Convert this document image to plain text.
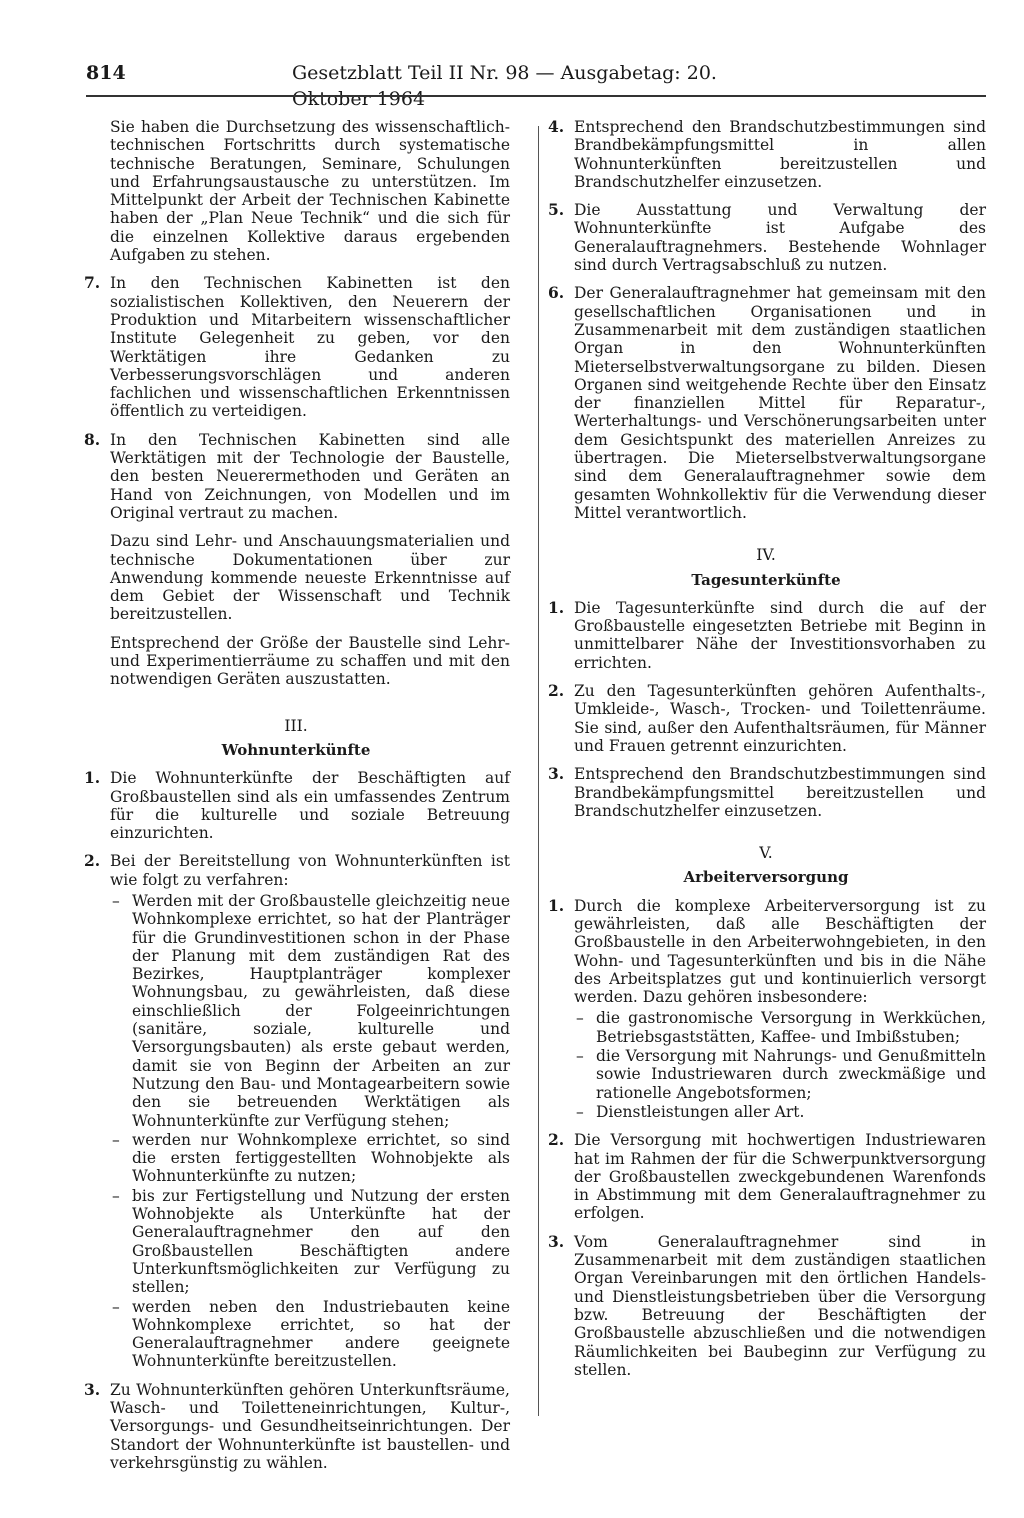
814	Gesetzblatt Teil II Nr. 98 — Ausgabetag: 20. Oktober 1964
Sie haben die Durchsetzung des wissenschaftlich-technischen Fortschritts durch systematische technische Beratungen, Seminare, Schulungen und Erfahrungsaustausche zu unterstützen. Im Mittelpunkt der Arbeit der Technischen Kabinette haben der „Plan Neue Technik“ und die sich für die einzelnen Kollektive daraus ergebenden Aufgaben zu stehen.
7. In den Technischen Kabinetten ist den sozialistischen Kollektiven, den Neuerern der Produktion und Mitarbeitern wissenschaftlicher Institute Gelegenheit zu geben, vor den Werktätigen ihre Gedanken zu Verbesserungsvorschlägen und anderen fachlichen und wissenschaftlichen Erkenntnissen öffentlich zu verteidigen.
8. In den Technischen Kabinetten sind alle Werktätigen mit der Technologie der Baustelle, den besten Neuerermethoden und Geräten an Hand von Zeichnungen, von Modellen und im Original vertraut zu machen.
Dazu sind Lehr- und Anschauungsmaterialien und technische Dokumentationen über zur Anwendung kommende neueste Erkenntnisse auf dem Gebiet der Wissenschaft und Technik bereitzustellen.
Entsprechend der Größe der Baustelle sind Lehr- und Experimentierräume zu schaffen und mit den notwendigen Geräten auszustatten.
III.
Wohnunterkünfte
1. Die Wohnunterkünfte der Beschäftigten auf Großbaustellen sind als ein umfassendes Zentrum für die kulturelle und soziale Betreuung einzurichten.
2. Bei der Bereitstellung von Wohnunterkünften ist wie folgt zu verfahren:
– Werden mit der Großbaustelle gleichzeitig neue Wohnkomplexe errichtet, so hat der Planträger für die Grundinvestitionen schon in der Phase der Planung mit dem zuständigen Rat des Bezirkes, Hauptplanträger komplexer Wohnungsbau, zu gewährleisten, daß diese einschließlich der Folgeeinrichtungen (sanitäre, soziale, kulturelle und Versorgungsbauten) als erste gebaut werden, damit sie von Beginn der Arbeiten an zur Nutzung den Bau- und Montagearbeitern sowie den sie betreuenden Werktätigen als Wohnunterkünfte zur Verfügung stehen;
– werden nur Wohnkomplexe errichtet, so sind die ersten fertiggestellten Wohnobjekte als Wohnunterkünfte zu nutzen;
– bis zur Fertigstellung und Nutzung der ersten Wohnobjekte als Unterkünfte hat der Generalauftragnehmer den auf den Großbaustellen Beschäftigten andere Unterkunftsmöglichkeiten zur Verfügung zu stellen;
– werden neben den Industriebauten keine Wohnkomplexe errichtet, so hat der Generalauftragnehmer andere geeignete Wohnunterkünfte bereitzustellen.
3. Zu Wohnunterkünften gehören Unterkunftsräume, Wasch- und Toiletteneinrichtungen, Kultur-, Versorgungs- und Gesundheitseinrichtungen. Der Standort der Wohnunterkünfte ist baustellen- und verkehrsgünstig zu wählen.
4. Entsprechend den Brandschutzbestimmungen sind Brandbekämpfungsmittel in allen Wohnunterkünften bereitzustellen und Brandschutzhelfer einzusetzen.
5. Die Ausstattung und Verwaltung der Wohnunterkünfte ist Aufgabe des Generalauftragnehmers. Bestehende Wohnlager sind durch Vertragsabschluß zu nutzen.
6. Der Generalauftragnehmer hat gemeinsam mit den gesellschaftlichen Organisationen und in Zusammenarbeit mit dem zuständigen staatlichen Organ in den Wohnunterkünften Mieterselbstverwaltungsorgane zu bilden. Diesen Organen sind weitgehende Rechte über den Einsatz der finanziellen Mittel für Reparatur-, Werterhaltungs- und Verschönerungsarbeiten unter dem Gesichtspunkt des materiellen Anreizes zu übertragen. Die Mieterselbstverwaltungsorgane sind dem Generalauftragnehmer sowie dem gesamten Wohnkollektiv für die Verwendung dieser Mittel verantwortlich.
IV.
Tagesunterkünfte
1. Die Tagesunterkünfte sind durch die auf der Großbaustelle eingesetzten Betriebe mit Beginn in unmittelbarer Nähe der Investitionsvorhaben zu errichten.
2. Zu den Tagesunterkünften gehören Aufenthalts-, Umkleide-, Wasch-, Trocken- und Toilettenräume. Sie sind, außer den Aufenthaltsräumen, für Männer und Frauen getrennt einzurichten.
3. Entsprechend den Brandschutzbestimmungen sind Brandbekämpfungsmittel bereitzustellen und Brandschutzhelfer einzusetzen.
V.
Arbeiterversorgung
1. Durch die komplexe Arbeiterversorgung ist zu gewährleisten, daß alle Beschäftigten der Großbaustelle in den Arbeiterwohngebieten, in den Wohn- und Tagesunterkünften und bis in die Nähe des Arbeitsplatzes gut und kontinuierlich versorgt werden. Dazu gehören insbesondere:
– die gastronomische Versorgung in Werkküchen, Betriebsgaststätten, Kaffee- und Imbißstuben;
– die Versorgung mit Nahrungs- und Genußmitteln sowie Industriewaren durch zweckmäßige und rationelle Angebotsformen;
– Dienstleistungen aller Art.
2. Die Versorgung mit hochwertigen Industriewaren hat im Rahmen der für die Schwerpunktversorgung der Großbaustellen zweckgebundenen Warenfonds in Abstimmung mit dem Generalauftragnehmer zu erfolgen.
3. Vom Generalauftragnehmer sind in Zusammenarbeit mit dem zuständigen staatlichen Organ Vereinbarungen mit den örtlichen Handels- und Dienstleistungsbetrieben über die Versorgung bzw. Betreuung der Beschäftigten der Großbaustelle abzuschließen und die notwendigen Räumlichkeiten bei Baubeginn zur Verfügung zu stellen.
